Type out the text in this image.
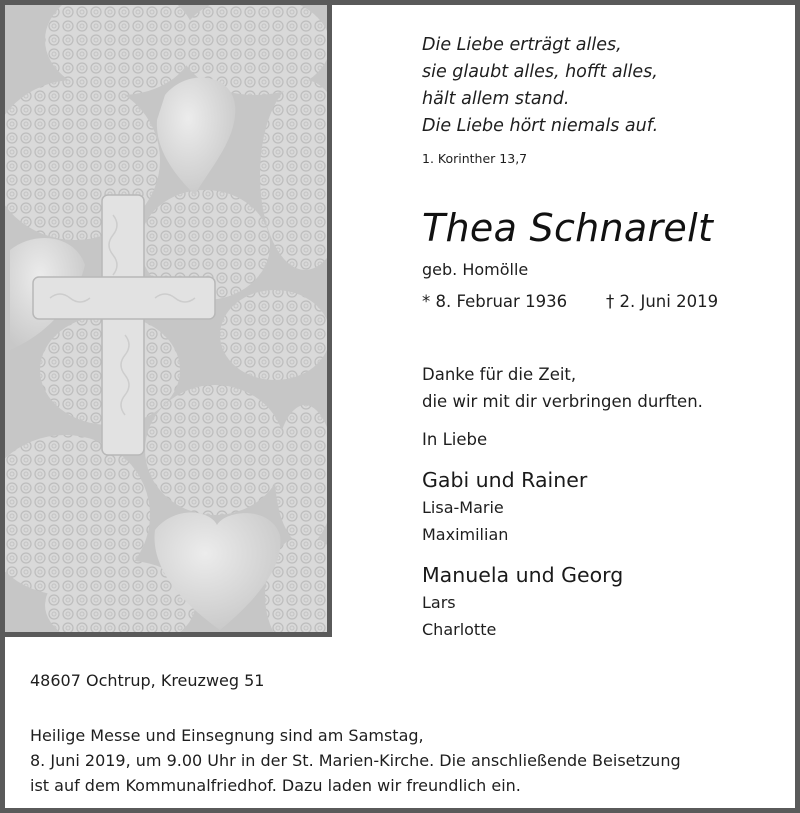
Die Liebe erträgt alles,
sie glaubt alles, hofft alles,
hält allem stand.
Die Liebe hört niemals auf.
1. Korinther 13,7
Thea Schnarelt
geb. Homölle
* 8. Februar 1936 † 2. Juni 2019
Danke für die Zeit,
die wir mit dir verbringen durften.
In Liebe
Gabi und Rainer
Lisa-Marie
Maximilian
Manuela und Georg
Lars
Charlotte
48607 Ochtrup, Kreuzweg 51
Heilige Messe und Einsegnung sind am Samstag,
8. Juni 2019, um 9.00 Uhr in der St. Marien-Kirche. Die anschließende Beisetzung
ist auf dem Kommunalfriedhof. Dazu laden wir freundlich ein.
